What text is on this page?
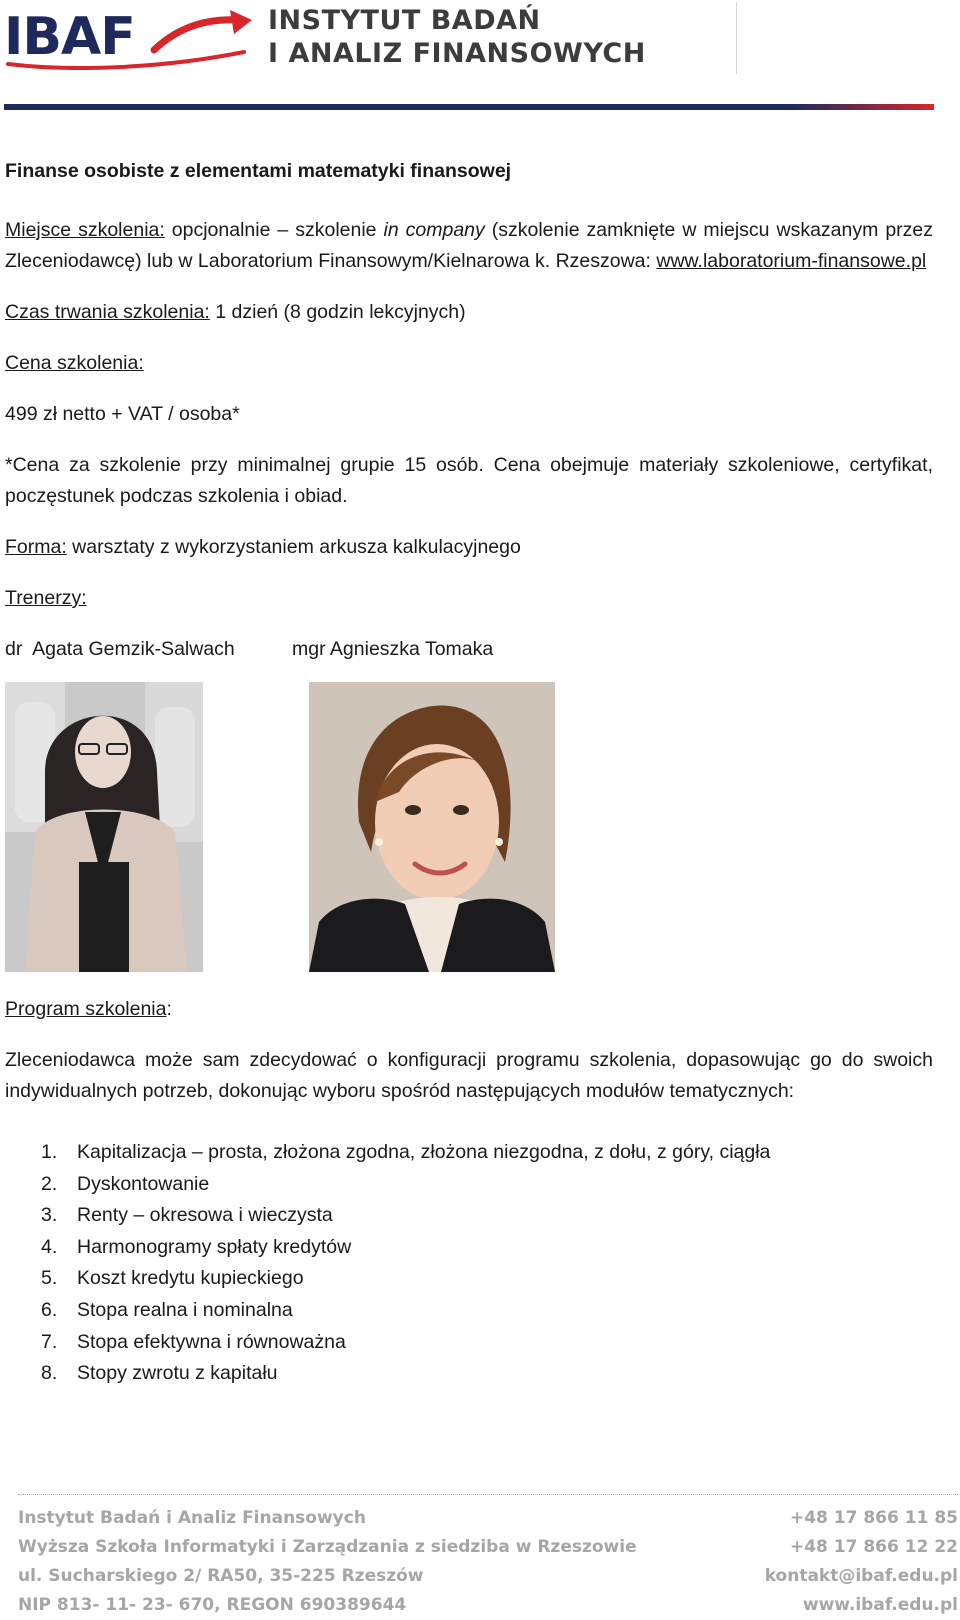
IBAF	INSTYTUT BADAŃ
I ANALIZ FINANSOWYCH
Finanse osobiste z elementami matematyki finansowej

Miejsce szkolenia: opcjonalnie – szkolenie in company (szkolenie zamknięte w miejscu wskazanym przez Zleceniodawcę) lub w Laboratorium Finansowym/Kielnarowa k. Rzeszowa: www.laboratorium-finansowe.pl

Czas trwania szkolenia: 1 dzień (8 godzin lekcyjnych)

Cena szkolenia:

499 zł netto + VAT / osoba*

*Cena za szkolenie przy minimalnej grupie 15 osób. Cena obejmuje materiały szkoleniowe, certyfikat, poczęstunek podczas szkolenia i obiad.

Forma: warsztaty z wykorzystaniem arkusza kalkulacyjnego

Trenerzy:

dr  Agata Gemzik-Salwach	mgr Agnieszka Tomaka

Program szkolenia:

Zleceniodawca może sam zdecydować o konfiguracji programu szkolenia, dopasowując go do swoich indywidualnych potrzeb, dokonując wyboru spośród następujących modułów tematycznych:

1. Kapitalizacja – prosta, złożona zgodna, złożona niezgodna, z dołu, z góry, ciągła
2. Dyskontowanie
3. Renty – okresowa i wieczysta
4. Harmonogramy spłaty kredytów
5. Koszt kredytu kupieckiego
6. Stopa realna i nominalna
7. Stopa efektywna i równoważna
8. Stopy zwrotu z kapitału
Instytut Badań i Analiz Finansowych
Wyższa Szkoła Informatyki i Zarządzania z siedziba w Rzeszowie
ul. Sucharskiego 2/ RA50, 35-225 Rzeszów
NIP 813- 11- 23- 670, REGON 690389644
+48 17 866 11 85
+48 17 866 12 22
kontakt@ibaf.edu.pl
www.ibaf.edu.pl
